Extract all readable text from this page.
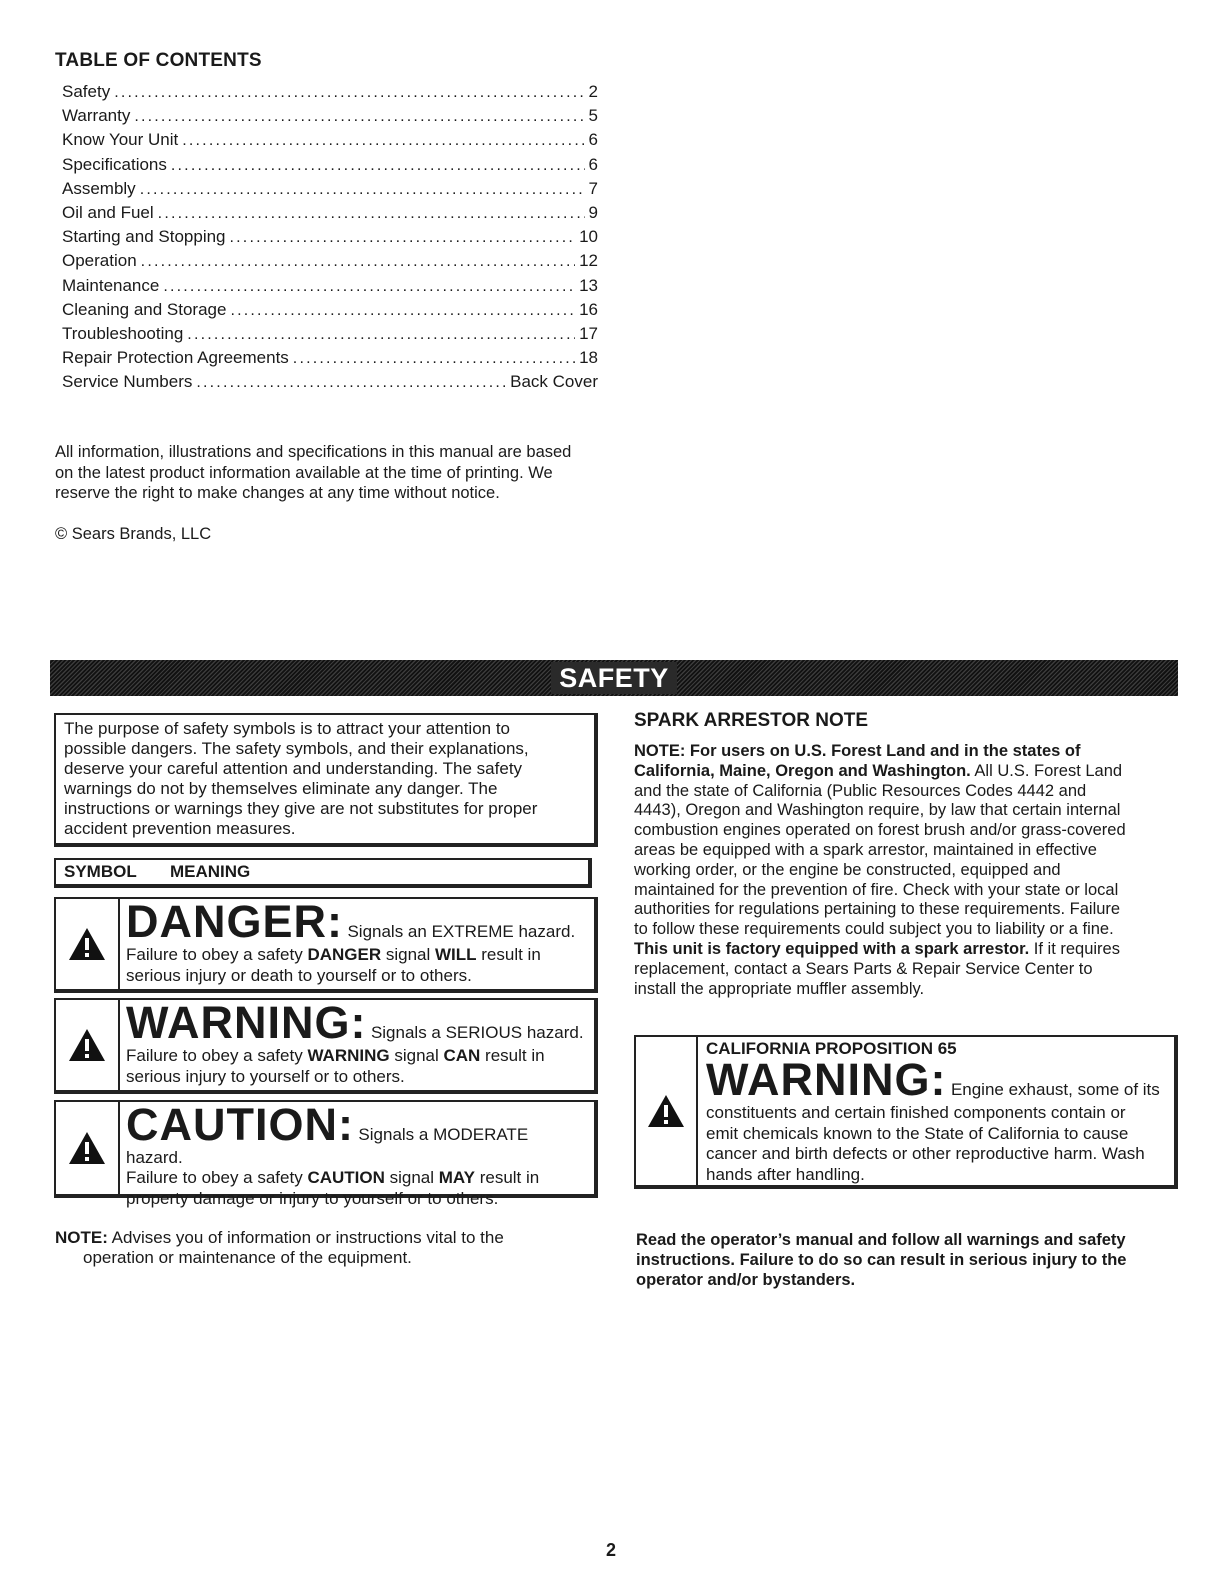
TABLE OF CONTENTS
Safety .....	2
Warranty .....	5
Know Your Unit .....	6
Specifications .....	6
Assembly .....	7
Oil and Fuel .....	9
Starting and Stopping .....	10
Operation .....	12
Maintenance .....	13
Cleaning and Storage .....	16
Troubleshooting .....	17
Repair Protection Agreements .....	18
Service Numbers .....	Back Cover
All information, illustrations and specifications in this manual are based
on the latest product information available at the time of printing. We
reserve the right to make changes at any time without notice.
© Sears Brands, LLC
SAFETY
The purpose of safety symbols is to attract your attention to
possible dangers. The safety symbols, and their explanations,
deserve your careful attention and understanding. The safety
warnings do not by themselves eliminate any danger. The
instructions or warnings they give are not substitutes for proper
accident prevention measures.
SYMBOL MEANING
DANGER: Signals an EXTREME hazard.
Failure to obey a safety DANGER signal WILL result in
serious injury or death to yourself or to others.
WARNING: Signals a SERIOUS hazard.
Failure to obey a safety WARNING signal CAN result in
serious injury to yourself or to others.
CAUTION: Signals a MODERATE hazard.
Failure to obey a safety CAUTION signal MAY result in
property damage or injury to yourself or to others.
NOTE: Advises you of information or instructions vital to the
operation or maintenance of the equipment.
SPARK ARRESTOR NOTE
NOTE: For users on U.S. Forest Land and in the states of
California, Maine, Oregon and Washington. All U.S. Forest Land
and the state of California (Public Resources Codes 4442 and
4443), Oregon and Washington require, by law that certain internal
combustion engines operated on forest brush and/or grass-covered
areas be equipped with a spark arrestor, maintained in effective
working order, or the engine be constructed, equipped and
maintained for the prevention of fire. Check with your state or local
authorities for regulations pertaining to these requirements. Failure
to follow these requirements could subject you to liability or a fine.
This unit is factory equipped with a spark arrestor. If it requires
replacement, contact a Sears Parts & Repair Service Center to
install the appropriate muffler assembly.
CALIFORNIA PROPOSITION 65
WARNING: Engine exhaust, some of its
constituents and certain finished components contain or
emit chemicals known to the State of California to cause
cancer and birth defects or other reproductive harm. Wash
hands after handling.
Read the operator’s manual and follow all warnings and safety
instructions. Failure to do so can result in serious injury to the
operator and/or bystanders.
2
